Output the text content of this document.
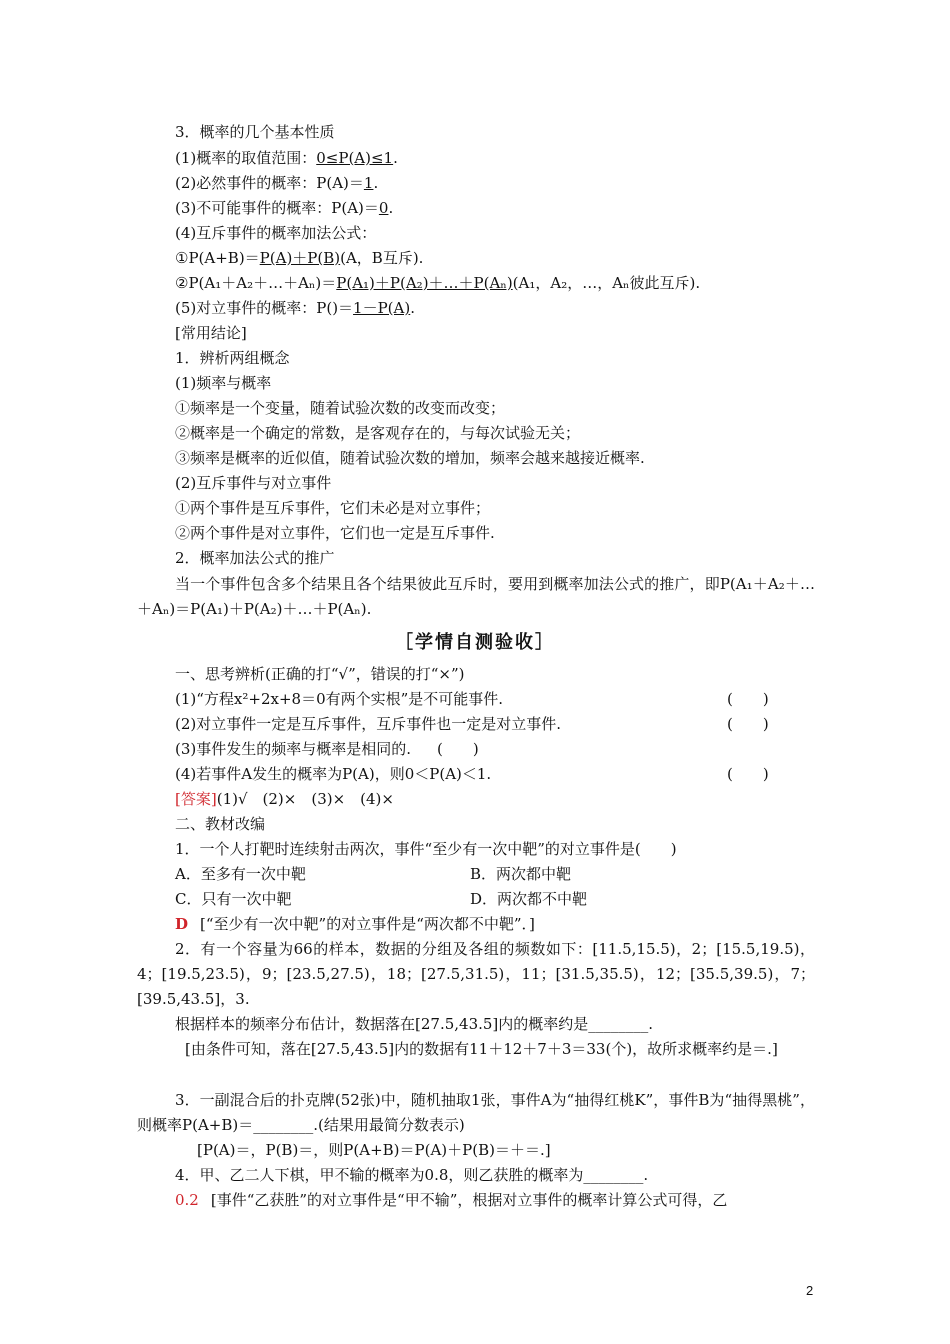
3．概率的几个基本性质
(1)概率的取值范围：0≤P(A)≤1.
(2)必然事件的概率：P(A)＝1.
(3)不可能事件的概率：P(A)＝0.
(4)互斥事件的概率加法公式：
①P(A+B)＝P(A)＋P(B)(A，B互斥).
②P(A₁＋A₂＋…＋Aₙ)＝P(A₁)＋P(A₂)＋…＋P(Aₙ)(A₁，A₂，…，Aₙ彼此互斥).
(5)对立事件的概率：P()＝1－P(A).
[常用结论]
1．辨析两组概念
(1)频率与概率
①频率是一个变量，随着试验次数的改变而改变；
②概率是一个确定的常数，是客观存在的，与每次试验无关；
③频率是概率的近似值，随着试验次数的增加，频率会越来越接近概率.
(2)互斥事件与对立事件
①两个事件是互斥事件，它们未必是对立事件；
②两个事件是对立事件，它们也一定是互斥事件.
2．概率加法公式的推广
当一个事件包含多个结果且各个结果彼此互斥时，要用到概率加法公式的推广，即P(A₁＋A₂＋…＋Aₙ)＝P(A₁)＋P(A₂)＋…＋P(Aₙ).
［学情自测验收］
一、思考辨析(正确的打“√”，错误的打“×”)
(1)“方程x²+2x+8＝0有两个实根”是不可能事件.	(　　)
(2)对立事件一定是互斥事件，互斥事件也一定是对立事件.	(　　)
(3)事件发生的频率与概率是相同的. (　　)
(4)若事件A发生的概率为P(A)，则0＜P(A)＜1.	(　　)
[答案](1)√　(2)×　(3)×　(4)×
二、教材改编
1．一个人打靶时连续射击两次，事件“至少有一次中靶”的对立事件是(　　)
A．至多有一次中靶	B．两次都中靶
C．只有一次中靶	D．两次都不中靶
D [“至少有一次中靶”的对立事件是“两次都不中靶”．]
2．有一个容量为66的样本，数据的分组及各组的频数如下：[11.5,15.5)，2；[15.5,19.5)，4；[19.5,23.5)，9；[23.5,27.5)，18；[27.5,31.5)，11；[31.5,35.5)，12；[35.5,39.5)，7；[39.5,43.5]，3.
根据样本的频率分布估计，数据落在[27.5,43.5]内的概率约是________.
[由条件可知，落在[27.5,43.5]内的数据有11＋12＋7＋3＝33(个)，故所求概率约是＝.]
3．一副混合后的扑克牌(52张)中，随机抽取1张，事件A为“抽得红桃K”，事件B为“抽得黑桃”，则概率P(A+B)＝________.(结果用最简分数表示)
[P(A)＝，P(B)＝，则P(A+B)＝P(A)＋P(B)＝＋＝.]
4．甲、乙二人下棋，甲不输的概率为0.8，则乙获胜的概率为________.
0.2 [事件“乙获胜”的对立事件是“甲不输”，根据对立事件的概率计算公式可得，乙
2
